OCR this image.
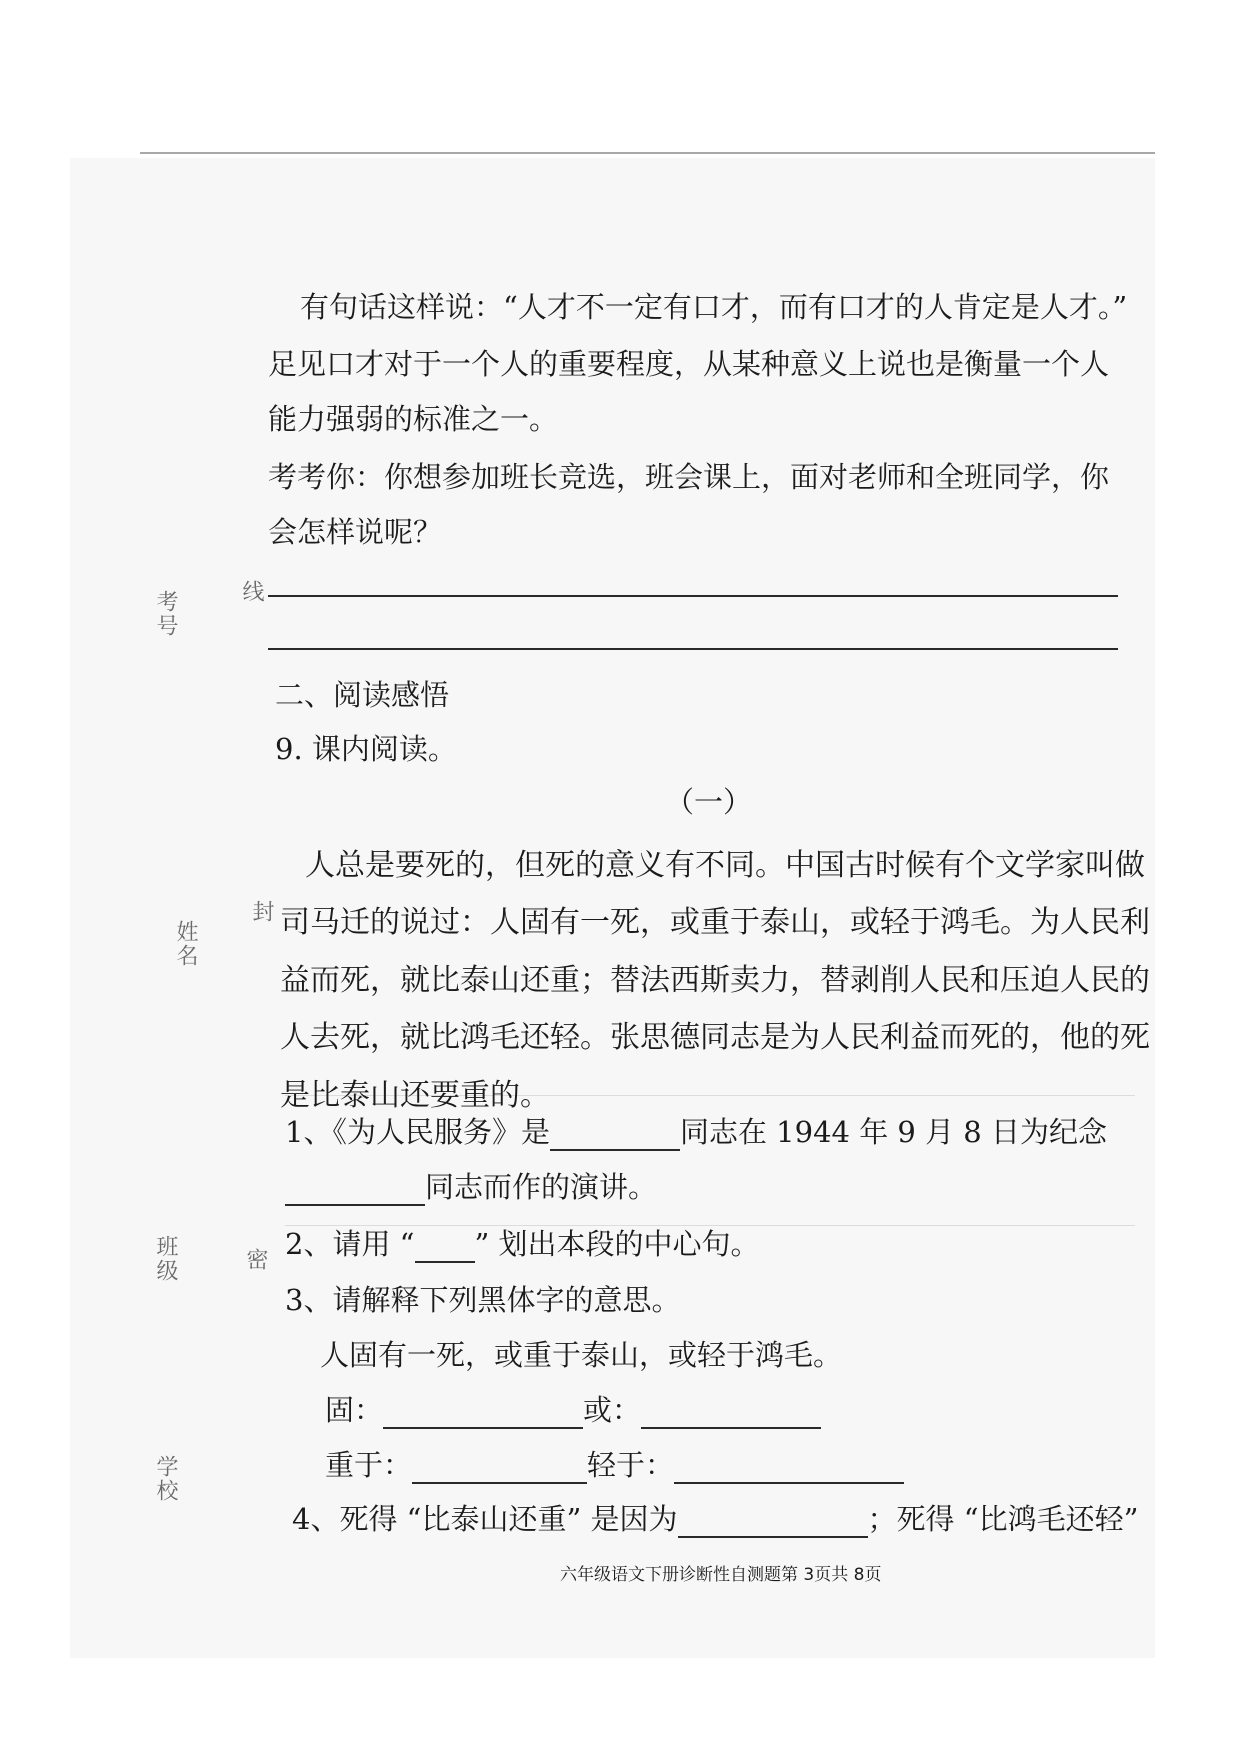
考号	线
姓名
封
班级	密
学校
有句话这样说：“人才不一定有口才，而有口才的人肯定是人才。”
足见口才对于一个人的重要程度，从某种意义上说也是衡量一个人
能力强弱的标准之一。
考考你：你想参加班长竞选，班会课上，面对老师和全班同学，你
会怎样说呢？
二、阅读感悟
9. 课内阅读。
（一）
人总是要死的，但死的意义有不同。中国古时候有个文学家叫做
司马迁的说过：人固有一死，或重于泰山，或轻于鸿毛。为人民利
益而死，就比泰山还重；替法西斯卖力，替剥削人民和压迫人民的
人去死，就比鸿毛还轻。张思德同志是为人民利益而死的，他的死
是比泰山还要重的。
1、《为人民服务》是	同志在 1944 年 9 月 8 日为纪念
同志而作的演讲。
2、请用 “ ” 划出本段的中心句。
3、请解释下列黑体字的意思。
人固有一死，或重于泰山，或轻于鸿毛。
固：	或：
重于：	轻于：
4、死得 “比泰山还重” 是因为	；死得 “比鸿毛还轻”
六年级语文下册诊断性自测题第 3页共 8页
